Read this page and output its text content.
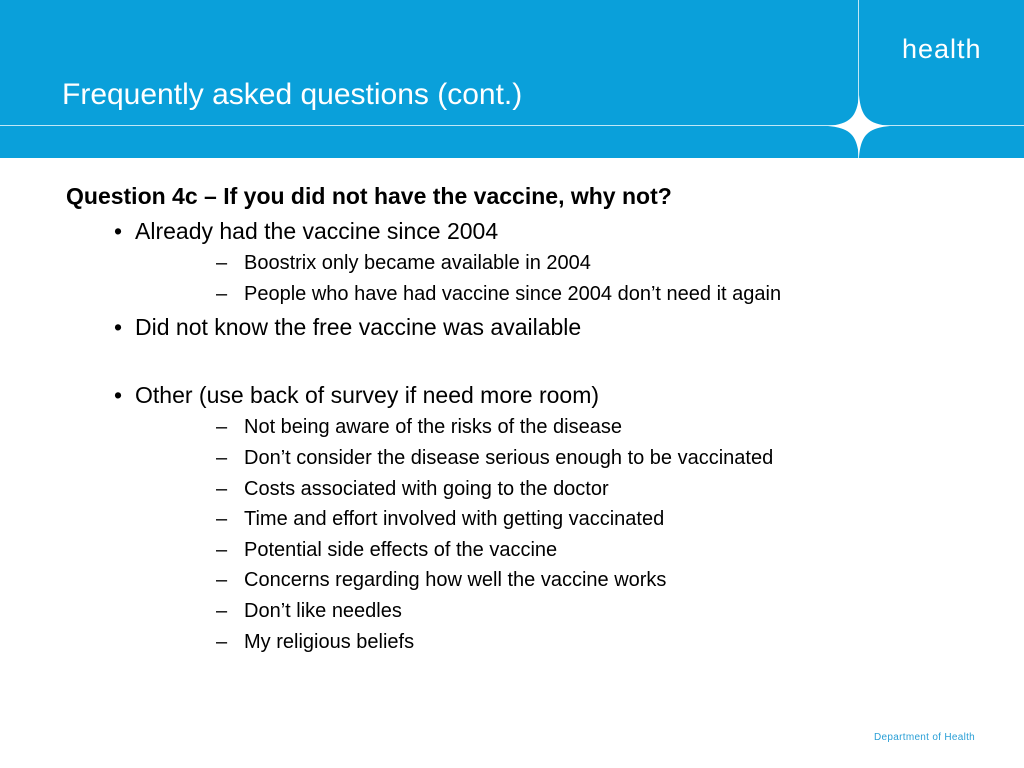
health
Frequently asked questions (cont.)
Question 4c – If you did not have the vaccine, why not?
• Already had the vaccine since 2004
– Boostrix only became available in 2004
– People who have had vaccine since 2004 don’t need it again
• Did not know the free vaccine was available
• Other (use back of survey if need more room)
– Not being aware of the risks of the disease
– Don’t consider the disease serious enough to be vaccinated
– Costs associated with going to the doctor
– Time and effort involved with getting vaccinated
– Potential side effects of the vaccine
– Concerns regarding how well the vaccine works
– Don’t like needles
– My religious beliefs
Department of Health
